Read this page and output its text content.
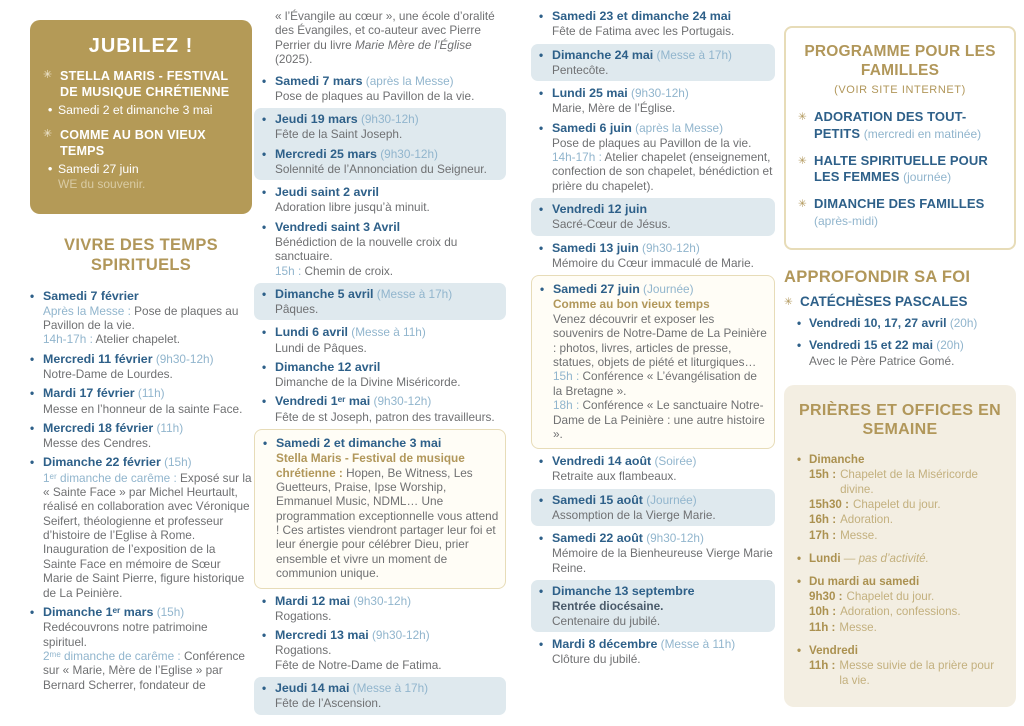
JUBILEZ !
✳ STELLA MARIS - FESTIVAL DE MUSIQUE CHRÉTIENNE
• Samedi 2 et dimanche 3 mai
✳ COMME AU BON VIEUX TEMPS
• Samedi 27 juin
WE du souvenir.
VIVRE DES TEMPS SPIRITUELS
• Samedi 7 février
Après la Messe : Pose de plaques au Pavillon de la vie.
14h-17h : Atelier chapelet.
• Mercredi 11 février (9h30-12h)
Notre-Dame de Lourdes.
• Mardi 17 février (11h)
Messe en l’honneur de la sainte Face.
• Mercredi 18 février (11h)
Messe des Cendres.
• Dimanche 22 février (15h)
1ᵉʳ dimanche de carême : Exposé sur la « Sainte Face » par Michel Heurtault, réalisé en collaboration avec Véronique Seifert, théologienne et professeur d’histoire de l’Eglise à Rome. Inauguration de l’exposition de la Sainte Face en mémoire de Sœur Marie de Saint Pierre, figure historique de La Peinière.
• Dimanche 1ᵉʳ mars (15h)
Redécouvrons notre patrimoine spirituel.
2ᵐᵉ dimanche de carême : Conférence sur « Marie, Mère de l’Eglise » par Bernard Scherrer, fondateur de
« l’Évangile au cœur », une école d’oralité des Évangiles, et co-auteur avec Pierre Perrier du livre Marie Mère de l’Église (2025).
• Samedi 7 mars (après la Messe)
Pose de plaques au Pavillon de la vie.
• Jeudi 19 mars (9h30-12h)
Fête de la Saint Joseph.
• Mercredi 25 mars (9h30-12h)
Solennité de l’Annonciation du Seigneur.
• Jeudi saint 2 avril
Adoration libre jusqu’à minuit.
• Vendredi saint 3 Avril
Bénédiction de la nouvelle croix du sanctuaire.
15h : Chemin de croix.
• Dimanche 5 avril (Messe à 17h)
Pâques.
• Lundi 6 avril (Messe à 11h)
Lundi de Pâques.
• Dimanche 12 avril
Dimanche de la Divine Miséricorde.
• Vendredi 1ᵉʳ mai (9h30-12h)
Fête de st Joseph, patron des travailleurs.
• Samedi 2 et dimanche 3 mai
Stella Maris - Festival de musique chrétienne : Hopen, Be Witness, Les Guetteurs, Praise, Ipse Worship, Emmanuel Music, NDML… Une programmation exceptionnelle vous attend ! Ces artistes viendront partager leur foi et leur énergie pour célébrer Dieu, prier ensemble et vivre un moment de communion unique.
• Mardi 12 mai (9h30-12h)
Rogations.
• Mercredi 13 mai (9h30-12h)
Rogations.
Fête de Notre-Dame de Fatima.
• Jeudi 14 mai (Messe à 17h)
Fête de l’Ascension.
• Samedi 23 et dimanche 24 mai
Fête de Fatima avec les Portugais.
• Dimanche 24 mai (Messe à 17h)
Pentecôte.
• Lundi 25 mai (9h30-12h)
Marie, Mère de l’Église.
• Samedi 6 juin (après la Messe)
Pose de plaques au Pavillon de la vie.
14h-17h : Atelier chapelet (enseignement, confection de son chapelet, bénédiction et prière du chapelet).
• Vendredi 12 juin
Sacré-Cœur de Jésus.
• Samedi 13 juin (9h30-12h)
Mémoire du Cœur immaculé de Marie.
• Samedi 27 juin (Journée)
Comme au bon vieux temps
Venez découvrir et exposer les souvenirs de Notre-Dame de La Peinière : photos, livres, articles de presse, statues, objets de piété et liturgiques…
15h : Conférence « L’évangélisation de la Bretagne ».
18h : Conférence « Le sanctuaire Notre-Dame de La Peinière : une autre histoire ».
• Vendredi 14 août (Soirée)
Retraite aux flambeaux.
• Samedi 15 août (Journée)
Assomption de la Vierge Marie.
• Samedi 22 août (9h30-12h)
Mémoire de la Bienheureuse Vierge Marie Reine.
• Dimanche 13 septembre
Rentrée diocésaine.
Centenaire du jubilé.
• Mardi 8 décembre (Messe à 11h)
Clôture du jubilé.
PROGRAMME POUR LES FAMILLES
(VOIR SITE INTERNET)
✳ ADORATION DES TOUT-PETITS (mercredi en matinée)
✳ HALTE SPIRITUELLE POUR LES FEMMES (journée)
✳ DIMANCHE DES FAMILLES (après-midi)
APPROFONDIR SA FOI
✳ CATÉCHÈSES PASCALES
• Vendredi 10, 17, 27 avril (20h)
• Vendredi 15 et 22 mai (20h)
Avec le Père Patrice Gomé.
PRIÈRES ET OFFICES EN SEMAINE
• Dimanche
15h : Chapelet de la Miséricorde divine.
15h30 : Chapelet du jour.
16h : Adoration.
17h : Messe.
• Lundi — pas d’activité.
• Du mardi au samedi
9h30 : Chapelet du jour.
10h : Adoration, confessions.
11h : Messe.
• Vendredi
11h : Messe suivie de la prière pour la vie.
